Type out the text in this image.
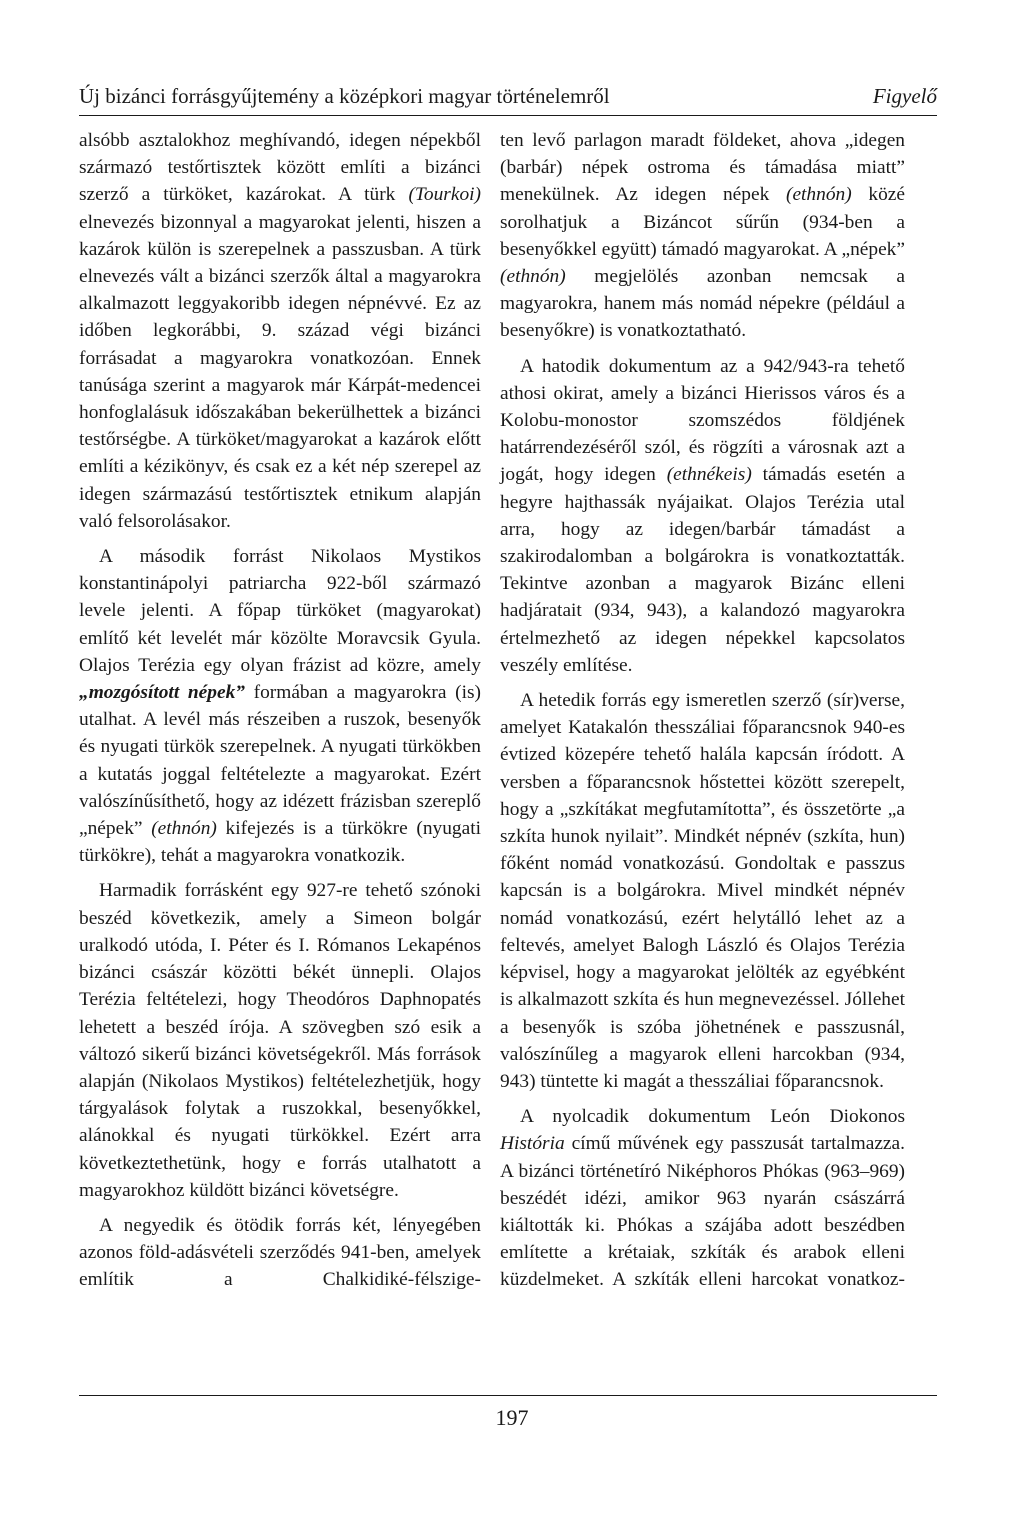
Új bizánci forrásgyűjtemény a középkori magyar történelemről	Figyelő

alsóbb asztalokhoz meghívandó, idegen népekből származó testőrtisztek között említi a bizánci szerző a türköket, kazárokat. A türk (Tourkoi) elnevezés bizonnyal a magyarokat jelenti, hiszen a kazárok külön is szerepelnek a passzusban. A türk elnevezés vált a bizánci szerzők által a magyarokra alkalmazott leggyakoribb idegen népnévvé. Ez az időben legkorábbi, 9. század végi bizánci forrásadat a magyarokra vonatkozóan. Ennek tanúsága szerint a magyarok már Kárpát-medencei honfoglalásuk időszakában bekerülhettek a bizánci testőrségbe. A türköket/magyarokat a kazárok előtt említi a kézikönyv, és csak ez a két nép szerepel az idegen származású testőrtisztek etnikum alapján való felsorolásakor.

A második forrást Nikolaos Mystikos konstantinápolyi patriarcha 922-ből származó levele jelenti. A főpap türköket (magyarokat) említő két levelét már közölte Moravcsik Gyula. Olajos Terézia egy olyan frázist ad közre, amely „mozgósított népek” formában a magyarokra (is) utalhat. A levél más részeiben a ruszok, besenyők és nyugati türkök szerepelnek. A nyugati türkökben a kutatás joggal feltételezte a magyarokat. Ezért valószínűsíthető, hogy az idézett frázisban szereplő „népek” (ethnón) kifejezés is a türkökre (nyugati türkökre), tehát a magyarokra vonatkozik.

Harmadik forrásként egy 927-re tehető szónoki beszéd következik, amely a Simeon bolgár uralkodó utóda, I. Péter és I. Rómanos Lekapénos bizánci császár közötti békét ünnepli. Olajos Terézia feltételezi, hogy Theodóros Daphnopatés lehetett a beszéd írója. A szövegben szó esik a változó sikerű bizánci követségekről. Más források alapján (Nikolaos Mystikos) feltételezhetjük, hogy tárgyalások folytak a ruszokkal, besenyőkkel, alánokkal és nyugati türkökkel. Ezért arra következtethetünk, hogy e forrás utalhatott a magyarokhoz küldött bizánci követségre.

A negyedik és ötödik forrás két, lényegében azonos föld-adásvételi szerződés 941-ben, amelyek említik a Chalkidiké-félszige-

ten levő parlagon maradt földeket, ahova „idegen (barbár) népek ostroma és támadása miatt” menekülnek. Az idegen népek (ethnón) közé sorolhatjuk a Bizáncot sűrűn (934-ben a besenyőkkel együtt) támadó magyarokat. A „népek” (ethnón) megjelölés azonban nemcsak a magyarokra, hanem más nomád népekre (például a besenyőkre) is vonatkoztatható.

A hatodik dokumentum az a 942/943-ra tehető athosi okirat, amely a bizánci Hierissos város és a Kolobu-monostor szomszédos földjének határrendezéséről szól, és rögzíti a városnak azt a jogát, hogy idegen (ethnékeis) támadás esetén a hegyre hajthassák nyájaikat. Olajos Terézia utal arra, hogy az idegen/barbár támadást a szakirodalomban a bolgárokra is vonatkoztatták. Tekintve azonban a magyarok Bizánc elleni hadjáratait (934, 943), a kalandozó magyarokra értelmezhető az idegen népekkel kapcsolatos veszély említése.

A hetedik forrás egy ismeretlen szerző (sír)verse, amelyet Katakalón thesszáliai főparancsnok 940-es évtized közepére tehető halála kapcsán íródott. A versben a főparancsnok hőstettei között szerepelt, hogy a „szkítákat megfutamította”, és összetörte „a szkíta hunok nyilait”. Mindkét népnév (szkíta, hun) főként nomád vonatkozású. Gondoltak e passzus kapcsán is a bolgárokra. Mivel mindkét népnév nomád vonatkozású, ezért helytálló lehet az a feltevés, amelyet Balogh László és Olajos Terézia képvisel, hogy a magyarokat jelölték az egyébként is alkalmazott szkíta és hun megnevezéssel. Jóllehet a besenyők is szóba jöhetnének e passzusnál, valószínűleg a magyarok elleni harcokban (934, 943) tüntette ki magát a thesszáliai főparancsnok.

A nyolcadik dokumentum León Diokonos História című művének egy passzusát tartalmazza. A bizánci történetíró Niképhoros Phókas (963–969) beszédét idézi, amikor 963 nyarán császárrá kiáltották ki. Phókas a szájába adott beszédben említette a krétaiak, szkíták és arabok elleni küzdelmeket. A szkíták elleni harcokat vonatkoz-

197
